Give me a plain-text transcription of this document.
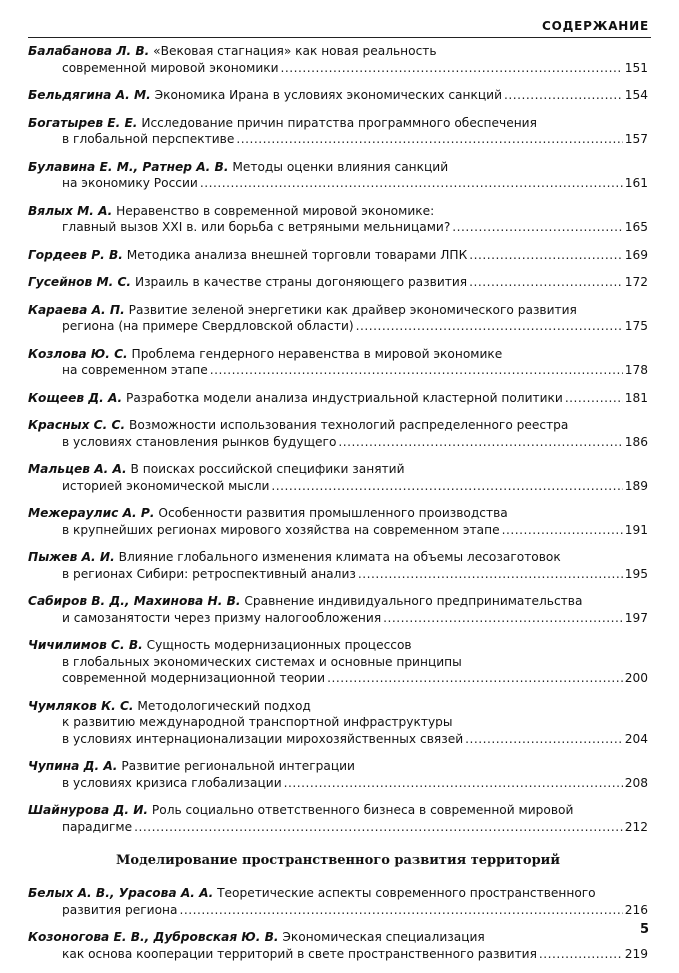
СОДЕРЖАНИЕ
Балабанова Л. В. «Вековая стагнация» как новая реальность
современной мировой экономики .....	151
Бельдягина А. М. Экономика Ирана в условиях экономических санкций .....	154
Богатырев Е. Е. Исследование причин пиратства программного обеспечения
в глобальной перспективе .....	157
Булавина Е. М., Ратнер А. В. Методы оценки влияния санкций
на экономику России .....	161
Вялых М. А. Неравенство в современной мировой экономике:
главный вызов XXI в. или борьба с ветряными мельницами? .....	165
Гордеев Р. В. Методика анализа внешней торговли товарами ЛПК .....	169
Гусейнов М. С. Израиль в качестве страны догоняющего развития .....	172
Караева А. П. Развитие зеленой энергетики как драйвер экономического развития
региона (на примере Свердловской области) .....	175
Козлова Ю. С. Проблема гендерного неравенства в мировой экономике
на современном этапе .....	178
Кощеев Д. А. Разработка модели анализа индустриальной кластерной политики .....	181
Красных С. С. Возможности использования технологий распределенного реестра
в условиях становления рынков будущего .....	186
Мальцев А. А. В поисках российской специфики занятий
историей экономической мысли .....	189
Межераулис А. Р. Особенности развития промышленного производства
в крупнейших регионах мирового хозяйства на современном этапе .....	191
Пыжев А. И. Влияние глобального изменения климата на объемы лесозаготовок
в регионах Сибири: ретроспективный анализ .....	195
Сабиров В. Д., Махинова Н. В. Сравнение индивидуального предпринимательства
и самозанятости через призму налогообложения .....	197
Чичилимов С. В. Сущность модернизационных процессов
в глобальных экономических системах и основные принципы
современной модернизационной теории .....	200
Чумляков К. С. Методологический подход
к развитию международной транспортной инфраструктуры
в условиях интернационализации мирохозяйственных связей .....	204
Чупина Д. А. Развитие региональной интеграции
в условиях кризиса глобализации .....	208
Шайнурова Д. И. Роль социально ответственного бизнеса в современной мировой
парадигме .....	212
Моделирование пространственного развития территорий
Белых А. В., Урасова А. А. Теоретические аспекты современного пространственного
развития региона .....	216
Козоногова Е. В., Дубровская Ю. В. Экономическая специализация
как основа кооперации территорий в свете пространственного развития .....	219
5
